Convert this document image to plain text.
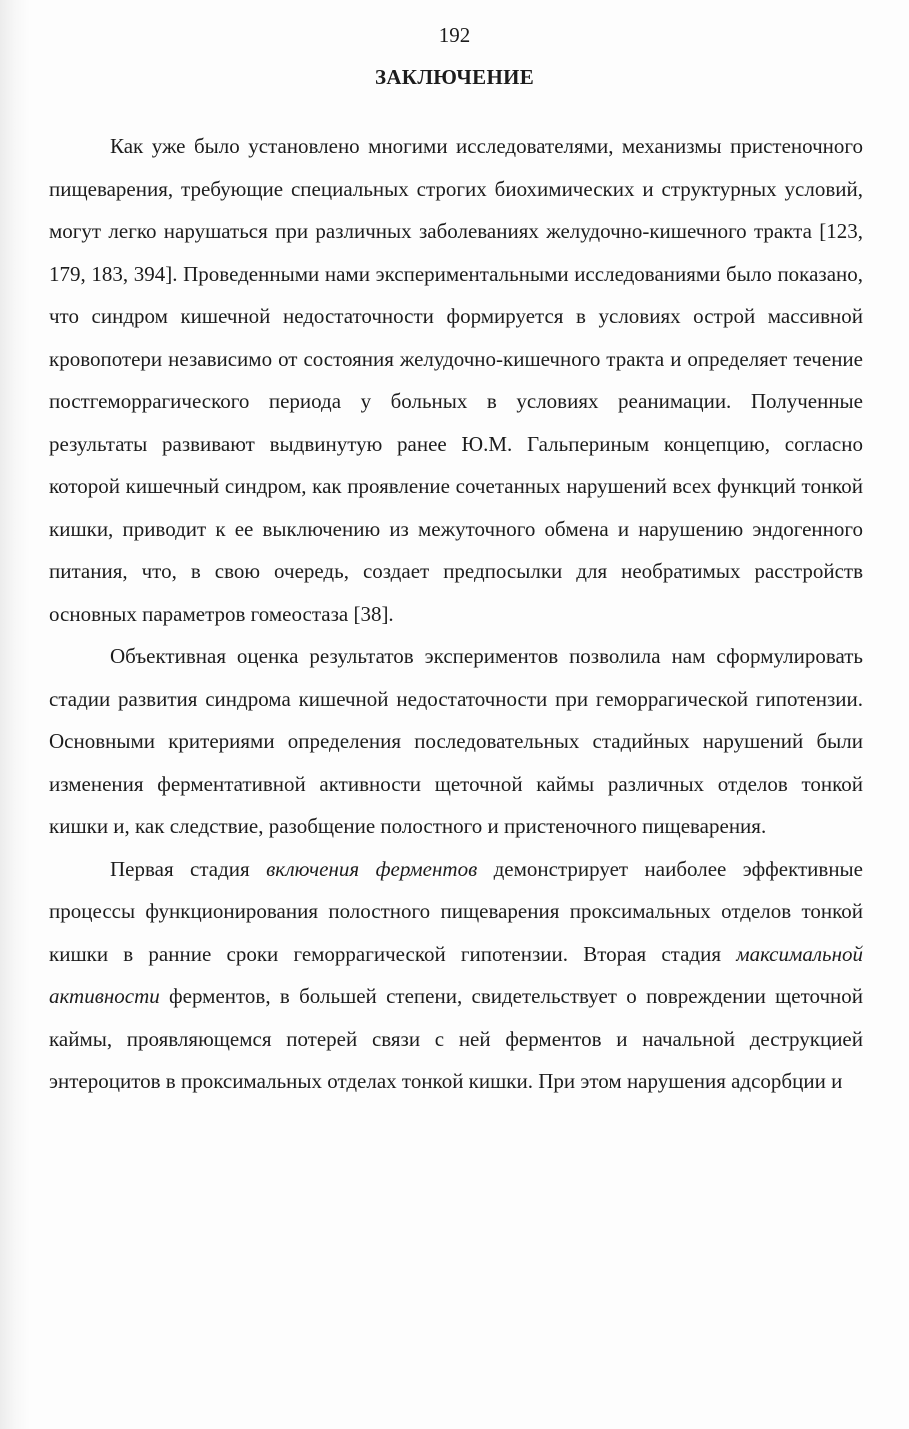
192

ЗАКЛЮЧЕНИЕ

Как уже было установлено многими исследователями, механизмы пристеночного пищеварения, требующие специальных строгих биохимических и структурных условий, могут легко нарушаться при различных заболеваниях желудочно-кишечного тракта [123, 179, 183, 394]. Проведенными нами экспериментальными исследованиями было показано, что синдром кишечной недостаточности формируется в условиях острой массивной кровопотери независимо от состояния желудочно-кишечного тракта и определяет течение постгеморрагического периода у больных в условиях реанимации. Полученные результаты развивают выдвинутую ранее Ю.М. Гальпериным концепцию, согласно которой кишечный синдром, как проявление сочетанных нарушений всех функций тонкой кишки, приводит к ее выключению из межуточного обмена и нарушению эндогенного питания, что, в свою очередь, создает предпосылки для необратимых расстройств основных параметров гомеостаза [38].

Объективная оценка результатов экспериментов позволила нам сформулировать стадии развития синдрома кишечной недостаточности при геморрагической гипотензии. Основными критериями определения последовательных стадийных нарушений были изменения ферментативной активности щеточной каймы различных отделов тонкой кишки и, как следствие, разобщение полостного и пристеночного пищеварения.

Первая стадия включения ферментов демонстрирует наиболее эффективные процессы функционирования полостного пищеварения проксимальных отделов тонкой кишки в ранние сроки геморрагической гипотензии. Вторая стадия максимальной активности ферментов, в большей степени, свидетельствует о повреждении щеточной каймы, проявляющемся потерей связи с ней ферментов и начальной деструкцией энтероцитов в проксимальных отделах тонкой кишки. При этом нарушения адсорбции и
